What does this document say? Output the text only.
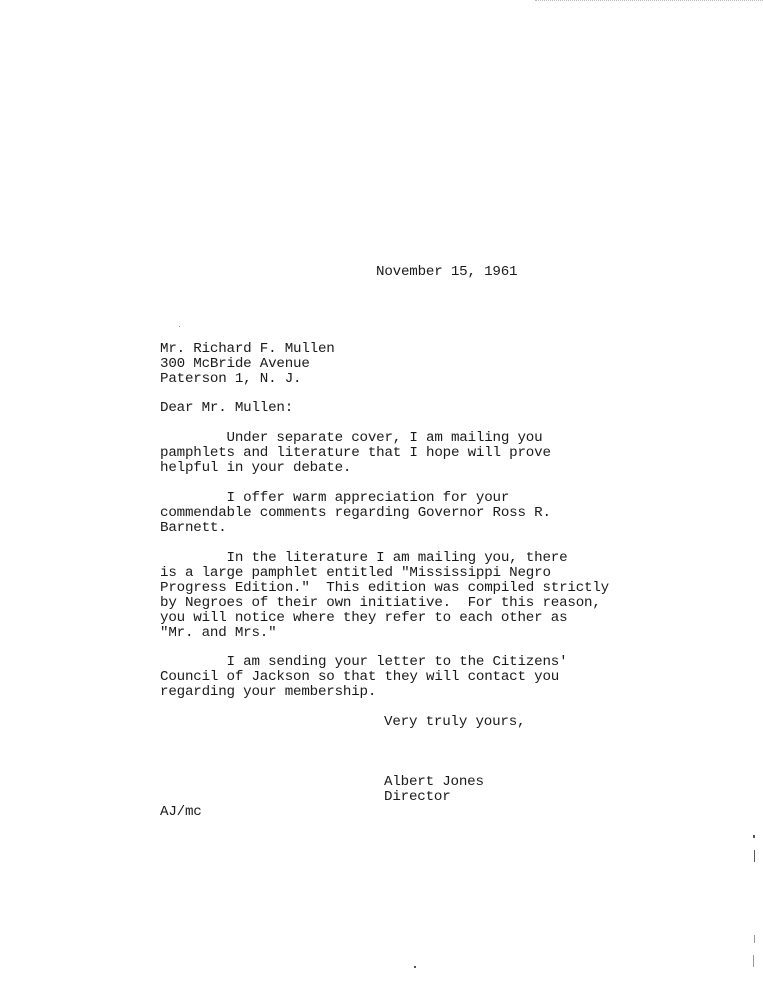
November 15, 1961
Mr. Richard F. Mullen
300 McBride Avenue
Paterson 1, N. J.
Dear Mr. Mullen:
Under separate cover, I am mailing you
pamphlets and literature that I hope will prove
helpful in your debate.
I offer warm appreciation for your
commendable comments regarding Governor Ross R.
Barnett.
In the literature I am mailing you, there
is a large pamphlet entitled "Mississippi Negro
Progress Edition."  This edition was compiled strictly
by Negroes of their own initiative.  For this reason,
you will notice where they refer to each other as
"Mr. and Mrs."
I am sending your letter to the Citizens'
Council of Jackson so that they will contact you
regarding your membership.
Very truly yours,
Albert Jones
Director
AJ/mc
